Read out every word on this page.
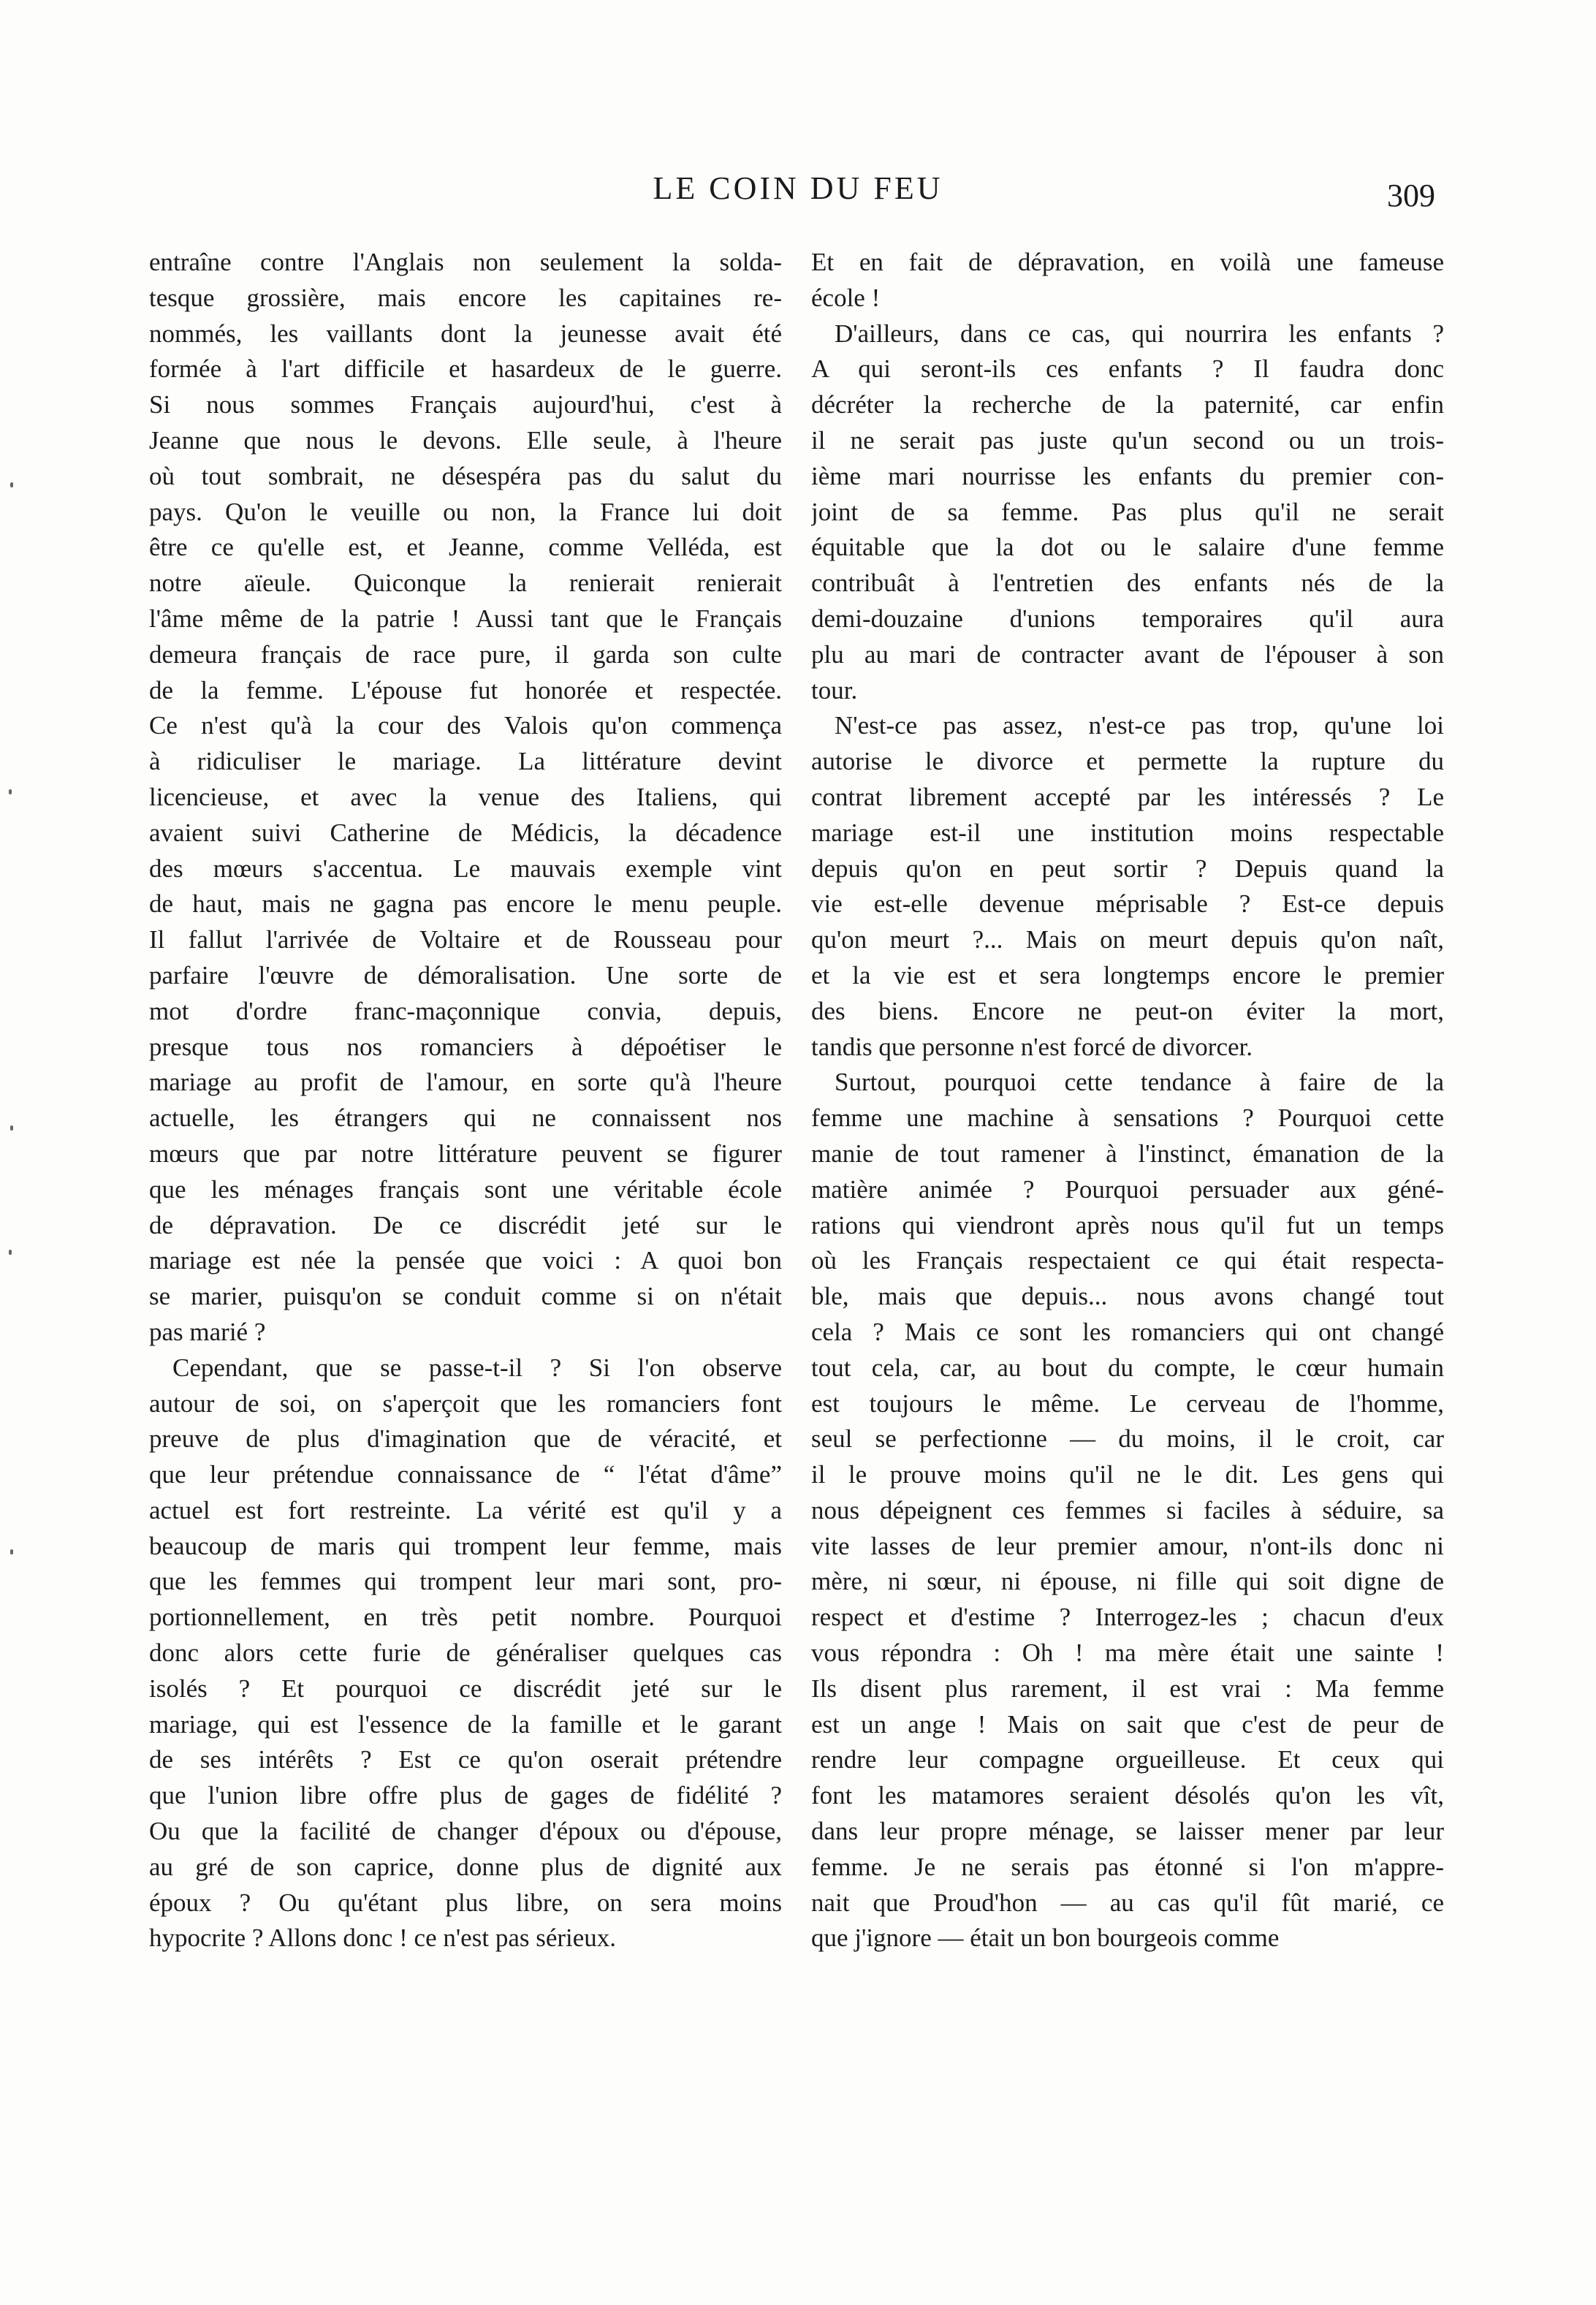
LE COIN DU FEU	309
entraîne contre l'Anglais non seulement la solda-
tesque grossière, mais encore les capitaines re-
nommés, les vaillants dont la jeunesse avait été
formée à l'art difficile et hasardeux de le guerre.
Si nous sommes Français aujourd'hui, c'est à
Jeanne que nous le devons. Elle seule, à l'heure
où tout sombrait, ne désespéra pas du salut du
pays. Qu'on le veuille ou non, la France lui doit
être ce qu'elle est, et Jeanne, comme Velléda, est
notre aïeule. Quiconque la renierait renierait
l'âme même de la patrie ! Aussi tant que le Français
demeura français de race pure, il garda son culte
de la femme. L'épouse fut honorée et respectée.
Ce n'est qu'à la cour des Valois qu'on commença
à ridiculiser le mariage. La littérature devint
licencieuse, et avec la venue des Italiens, qui
avaient suivi Catherine de Médicis, la décadence
des mœurs s'accentua. Le mauvais exemple vint
de haut, mais ne gagna pas encore le menu peuple.
Il fallut l'arrivée de Voltaire et de Rousseau pour
parfaire l'œuvre de démoralisation. Une sorte de
mot d'ordre franc-maçonnique convia, depuis,
presque tous nos romanciers à dépoétiser le
mariage au profit de l'amour, en sorte qu'à l'heure
actuelle, les étrangers qui ne connaissent nos
mœurs que par notre littérature peuvent se figurer
que les ménages français sont une véritable école
de dépravation. De ce discrédit jeté sur le
mariage est née la pensée que voici : A quoi bon
se marier, puisqu'on se conduit comme si on n'était
pas marié ?
Cependant, que se passe-t-il ? Si l'on observe
autour de soi, on s'aperçoit que les romanciers font
preuve de plus d'imagination que de véracité, et
que leur prétendue connaissance de “ l'état d'âme”
actuel est fort restreinte. La vérité est qu'il y a
beaucoup de maris qui trompent leur femme, mais
que les femmes qui trompent leur mari sont, pro-
portionnellement, en très petit nombre. Pourquoi
donc alors cette furie de généraliser quelques cas
isolés ? Et pourquoi ce discrédit jeté sur le
mariage, qui est l'essence de la famille et le garant
de ses intérêts ? Est ce qu'on oserait prétendre
que l'union libre offre plus de gages de fidélité ?
Ou que la facilité de changer d'époux ou d'épouse,
au gré de son caprice, donne plus de dignité aux
époux ? Ou qu'étant plus libre, on sera moins
hypocrite ? Allons donc ! ce n'est pas sérieux.
Et en fait de dépravation, en voilà une fameuse
école !
D'ailleurs, dans ce cas, qui nourrira les enfants ?
A qui seront-ils ces enfants ? Il faudra donc
décréter la recherche de la paternité, car enfin
il ne serait pas juste qu'un second ou un trois-
ième mari nourrisse les enfants du premier con-
joint de sa femme. Pas plus qu'il ne serait
équitable que la dot ou le salaire d'une femme
contribuât à l'entretien des enfants nés de la
demi-douzaine d'unions temporaires qu'il aura
plu au mari de contracter avant de l'épouser à son
tour.
N'est-ce pas assez, n'est-ce pas trop, qu'une loi
autorise le divorce et permette la rupture du
contrat librement accepté par les intéressés ? Le
mariage est-il une institution moins respectable
depuis qu'on en peut sortir ? Depuis quand la
vie est-elle devenue méprisable ? Est-ce depuis
qu'on meurt ?... Mais on meurt depuis qu'on naît,
et la vie est et sera longtemps encore le premier
des biens. Encore ne peut-on éviter la mort,
tandis que personne n'est forcé de divorcer.
Surtout, pourquoi cette tendance à faire de la
femme une machine à sensations ? Pourquoi cette
manie de tout ramener à l'instinct, émanation de la
matière animée ? Pourquoi persuader aux géné-
rations qui viendront après nous qu'il fut un temps
où les Français respectaient ce qui était respecta-
ble, mais que depuis... nous avons changé tout
cela ? Mais ce sont les romanciers qui ont changé
tout cela, car, au bout du compte, le cœur humain
est toujours le même. Le cerveau de l'homme,
seul se perfectionne — du moins, il le croit, car
il le prouve moins qu'il ne le dit. Les gens qui
nous dépeignent ces femmes si faciles à séduire, sa
vite lasses de leur premier amour, n'ont-ils donc ni
mère, ni sœur, ni épouse, ni fille qui soit digne de
respect et d'estime ? Interrogez-les ; chacun d'eux
vous répondra : Oh ! ma mère était une sainte !
Ils disent plus rarement, il est vrai : Ma femme
est un ange ! Mais on sait que c'est de peur de
rendre leur compagne orgueilleuse. Et ceux qui
font les matamores seraient désolés qu'on les vît,
dans leur propre ménage, se laisser mener par leur
femme. Je ne serais pas étonné si l'on m'appre-
nait que Proud'hon — au cas qu'il fût marié, ce
que j'ignore — était un bon bourgeois comme
